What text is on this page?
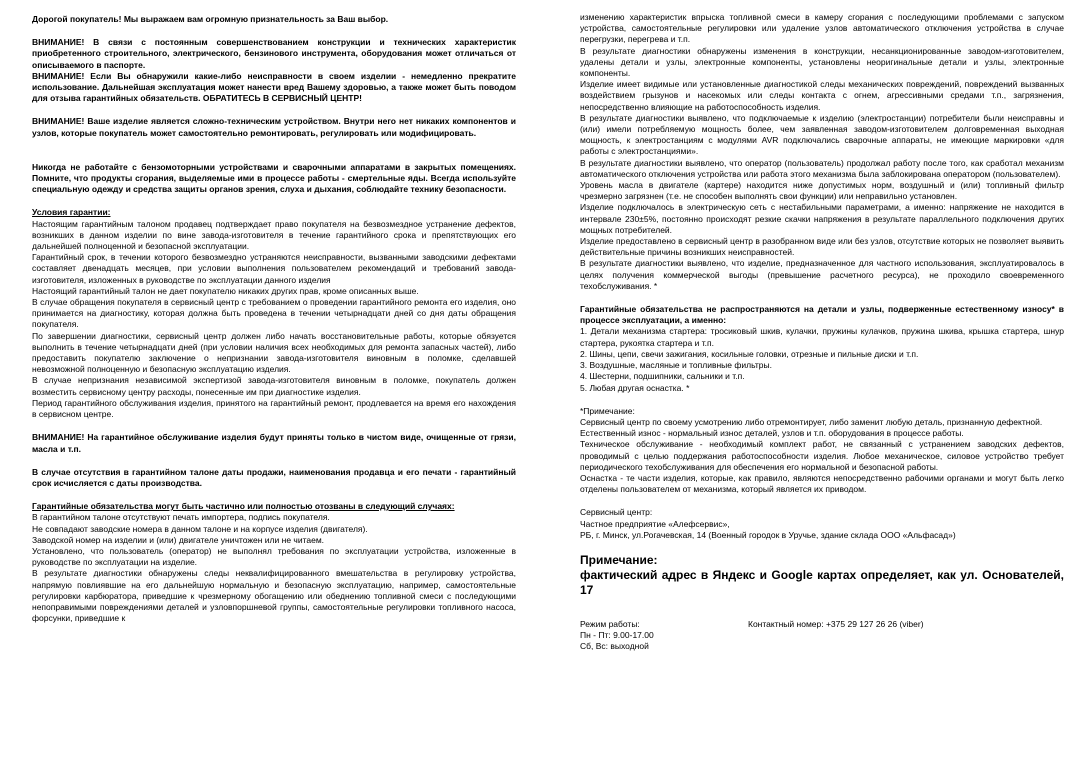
Дорогой покупатель! Мы выражаем вам огромную признательность за Ваш выбор.

ВНИМАНИЕ! В связи с постоянным совершенствованием конструкции и технических характеристик приобретенного строительного, электрического, бензинового инструмента, оборудования может отличаться от описываемого в паспорте.

ВНИМАНИЕ! Если Вы обнаружили какие-либо неисправности в своем изделии - немедленно прекратите использование. Дальнейшая эксплуатация может нанести вред Вашему здоровью, а также может быть поводом для отзыва гарантийных обязательств. ОБРАТИТЕСЬ В СЕРВИСНЫЙ ЦЕНТР!

ВНИМАНИЕ! Ваше изделие является сложно-техническим устройством. Внутри него нет никаких компонентов и узлов, которые покупатель может самостоятельно ремонтировать, регулировать или модифицировать.

Никогда не работайте с бензомоторными устройствами и сварочными аппаратами в закрытых помещениях. Помните, что продукты сгорания, выделяемые ими в процессе работы - смертельные яды. Всегда используйте специальную одежду и средства защиты органов зрения, слуха и дыхания, соблюдайте технику безопасности.

Условия гарантии:

Настоящим гарантийным талоном продавец подтверждает право покупателя на безвозмездное устранение дефектов, возникших в данном изделии по вине завода-изготовителя в течение гарантийного срока и препятствующих его дальнейшей полноценной и безопасной эксплуатации.

Гарантийный срок, в течении которого безвозмездно устраняются неисправности, вызванными заводскими дефектами составляет двенадцать месяцев, при условии выполнения пользователем рекомендаций и требований завода-изготовителя, изложенных в руководстве по эксплуатации данного изделия

Настоящий гарантийный талон не дает покупателю никаких других прав, кроме описанных выше.

В случае обращения покупателя в сервисный центр с требованием о проведении гарантийного ремонта его изделия, оно принимается на диагностику, которая должна быть проведена в течении четырнадцати дней со дня даты обращения покупателя.

По завершении диагностики, сервисный центр должен либо начать восстановительные работы, которые обязуется выполнить в течение четырнадцати дней (при условии наличия всех необходимых для ремонта запасных частей), либо предоставить покупателю заключение о непризнании завода-изготовителя виновным в поломке, сделавшей невозможной полноценную и безопасную эксплуатацию изделия.

В случае непризнания независимой экспертизой завода-изготовителя виновным в поломке, покупатель должен возместить сервисному центру расходы, понесенные им при диагностике изделия.

Период гарантийного обслуживания изделия, принятого на гарантийный ремонт, продлевается на время его нахождения в сервисном центре.

ВНИМАНИЕ! На гарантийное обслуживание изделия будут приняты только в чистом виде, очищенные от грязи, масла и т.п.

В случае отсутствия в гарантийном талоне даты продажи, наименования продавца и его печати - гарантийный срок исчисляется с даты производства.

Гарантийные обязательства могут быть частично или полностью отозваны в следующий случаях:

В гарантийном талоне отсутствуют печать импортера, подпись покупателя.

Не совпадают заводские номера в данном талоне и на корпусе изделия (двигателя).

Заводской номер на изделии и (или) двигателе уничтожен или не читаем.

Установлено, что пользователь (оператор) не выполнял требования по эксплуатации устройства, изложенные в руководстве по эксплуатации на изделие.

В результате диагностики обнаружены следы неквалифицированного вмешательства в регулировку устройства, напрямую повлиявшие на его дальнейшую нормальную и безопасную эксплуатацию, например, самостоятельные регулировки карбюратора, приведшие к чрезмерному обогащению или обеднению топливной смеси с последующими непоправимыми повреждениями деталей и узловпоршневой группы, самостоятельные регулировки топливного насоса, форсунки, приведшие к

изменению характеристик впрыска топливной смеси в камеру сгорания с последующими проблемами с запуском устройства, самостоятельные регулировки или удаление узлов автоматического отключения устройства в случае перегрузки, перегрева и т.п.

В результате диагностики обнаружены изменения в конструкции, несанкционированные заводом-изготовителем, удалены детали и узлы, электронные компоненты, установлены неоригинальные детали и узлы, электронные компоненты.

Изделие имеет видимые или установленные диагностикой следы механических повреждений, повреждений вызванных воздействием грызунов и насекомых или следы контакта с огнем, агрессивными средами т.п., загрязнения, непосредственно влияющие на работоспособность изделия.

В результате диагностики выявлено, что подключаемые к изделию (электростанции) потребители были неисправны и (или) имели потребляемую мощность более, чем заявленная заводом-изготовителем долговременная выходная мощность, к электростанциям с модулями AVR подключались сварочные аппараты, не имеющие маркировки «для работы с электростанциями».

В результате диагностики выявлено, что оператор (пользователь) продолжал работу после того, как сработал механизм автоматического отключения устройства или работа этого механизма была заблокирована оператором (пользователем).

Уровень масла в двигателе (картере) находится ниже допустимых норм, воздушный и (или) топливный фильтр чрезмерно загрязнен (т.е. не способен выполнять свои функции) или неправильно установлен.

Изделие подключалось в электрическую сеть с нестабильными параметрами, а именно: напряжение не находится в интервале 230±5%, постоянно происходят резкие скачки напряжения в результате параллельного подключения других мощных потребителей.

Изделие предоставлено в сервисный центр в разобранном виде или без узлов, отсутствие которых не позволяет выявить действительные причины возникших неисправностей.

В результате диагностики выявлено, что изделие, предназначенное для частного использования, эксплуатировалось в целях получения коммерческой выгоды (превышение расчетного ресурса), не проходило своевременного техобслуживания. *

Гарантийные обязательства не распространяются на детали и узлы, подверженные естественному износу* в процессе эксплуатации, а именно:

1. Детали механизма стартера: тросиковый шкив, кулачки, пружины кулачков, пружина шкива, крышка стартера, шнур стартера, рукоятка стартера и т.п.

2. Шины, цепи, свечи зажигания, косильные головки, отрезные и пильные диски и т.п.

3. Воздушные, масляные и топливные фильтры.

4. Шестерни, подшипники, сальники и т.п.

5. Любая другая оснастка. *

*Примечание:

Сервисный центр по своему усмотрению либо отремонтирует, либо заменит любую деталь, признанную дефектной.

Естественный износ - нормальный износ деталей, узлов и т.п. оборудования в процессе работы.

Техническое обслуживание - необходимый комплект работ, не связанный с устранением заводских дефектов, проводимый с целью поддержания работоспособности изделия. Любое механическое, силовое устройство требует периодического техобслуживания для обеспечения его нормальной и безопасной работы.

Оснастка - те части изделия, которые, как правило, являются непосредственно рабочими органами и могут быть легко отделены пользователем от механизма, который является их приводом.

Сервисный центр:

Частное предприятие «Алефсервис»,

РБ, г. Минск, ул.Рогачевская, 14 (Военный городок в Уручье, здание склада ООО «Альфасад»)

Примечание:

фактический адрес в Яндекс и Google картах определяет, как ул. Основателей, 17

Режим работы:

Пн - Пт: 9.00-17.00

Сб, Вс: выходной

Контактный номер: +375 29 127 26 26 (viber)
